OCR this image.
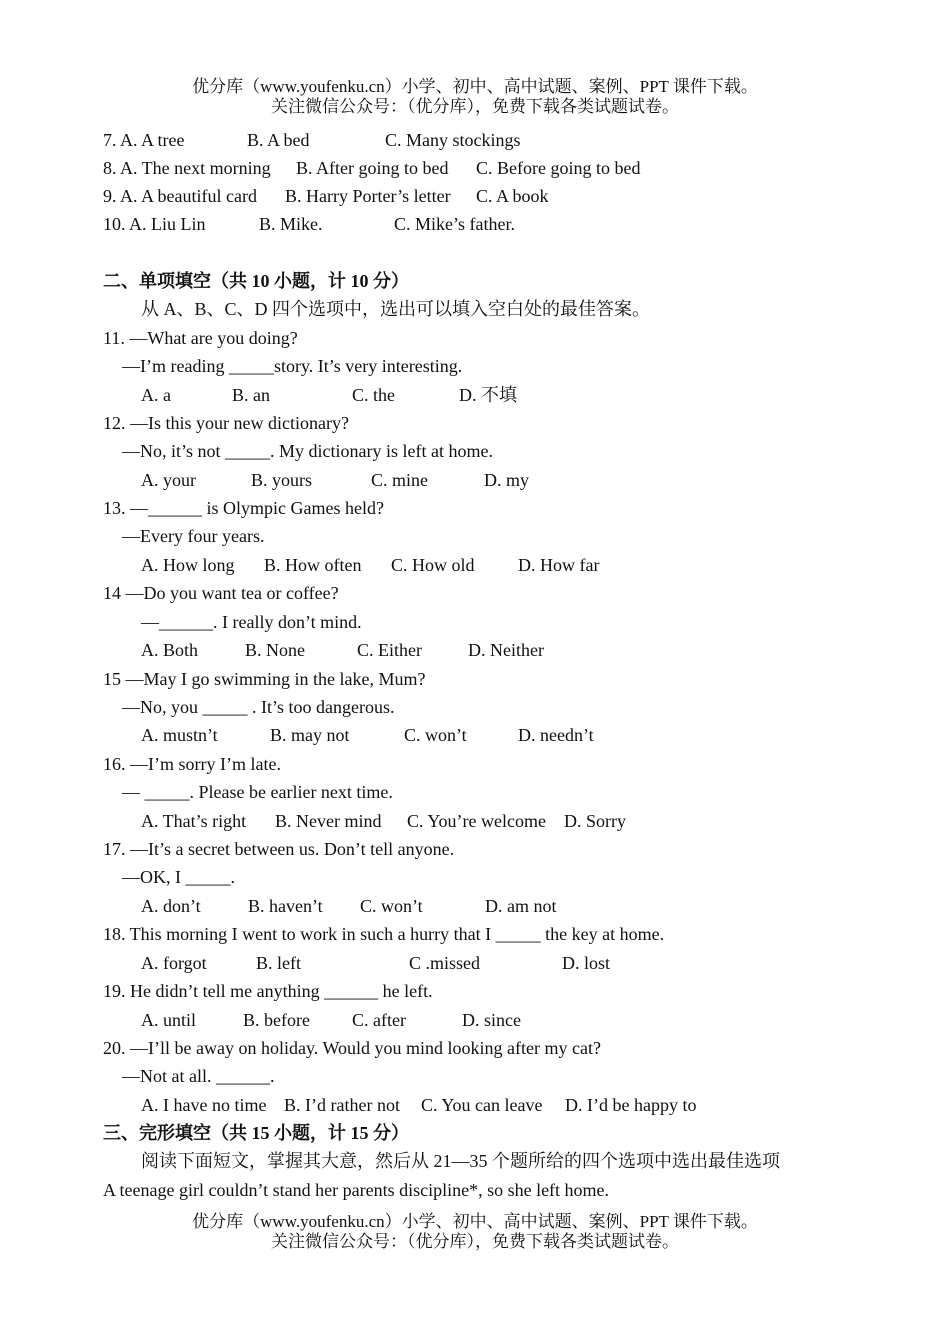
优分库（www.youfenku.cn）小学、初中、高中试题、案例、PPT 课件下载。
关注微信公众号：（优分库），免费下载各类试题试卷。
7. A. A tree	B. A bed	C. Many stockings
8. A. The next morning B. After going to bed C. Before going to bed
9. A. A beautiful card B. Harry Porter’s letter C. A book
10. A. Liu Lin	B. Mike.	C. Mike’s father.
二、单项填空（共 10 小题，计 10 分）
从 A、B、C、D 四个选项中，选出可以填入空白处的最佳答案。
11. —What are you doing?
—I’m reading _____story. It’s very interesting.
A. a	B. an	C. the	D. 不填
12. —Is this your new dictionary?
—No, it’s not _____. My dictionary is left at home.
A. your	B. yours	C. mine	D. my
13. —______ is Olympic Games held?
—Every four years.
A. How long B. How often C. How old D. How far
14 —Do you want tea or coffee?
—______. I really don’t mind.
A. Both	B. None	C. Either	D. Neither
15 —May I go swimming in the lake, Mum?
—No, you _____ . It’s too dangerous.
A. mustn’t	B. may not	C. won’t	D. needn’t
16. —I’m sorry I’m late.
— _____. Please be earlier next time.
A. That’s right B. Never mind C. You’re welcome D. Sorry
17. —It’s a secret between us. Don’t tell anyone.
—OK, I _____.
A. don’t	B. haven’t C. won’t	D. am not
18. This morning I went to work in such a hurry that I _____ the key at home.
A. forgot	B. left	C .missed	D. lost
19. He didn’t tell me anything ______ he left.
A. until	B. before C. after	D. since
20. —I’ll be away on holiday. Would you mind looking after my cat?
—Not at all. ______.
A. I have no time B. I’d rather not C. You can leave D. I’d be happy to
三、完形填空（共 15 小题，计 15 分）
阅读下面短文，掌握其大意，然后从 21—35 个题所给的四个选项中选出最佳选项
A teenage girl couldn’t stand her parents discipline*, so she left home.
优分库（www.youfenku.cn）小学、初中、高中试题、案例、PPT 课件下载。
关注微信公众号：（优分库），免费下载各类试题试卷。
